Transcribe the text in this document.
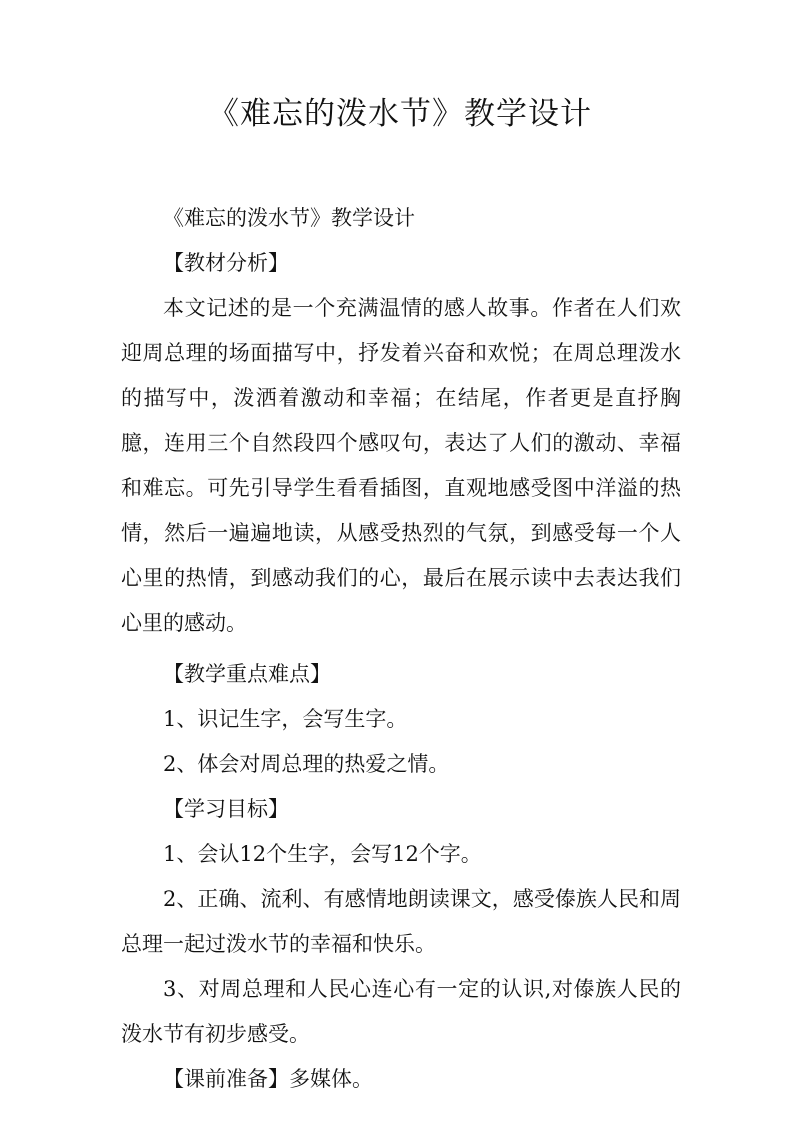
《难忘的泼水节》教学设计

《难忘的泼水节》教学设计

【教材分析】

本文记述的是一个充满温情的感人故事。作者在人们欢迎周总理的场面描写中，抒发着兴奋和欢悦；在周总理泼水的描写中，泼洒着激动和幸福；在结尾，作者更是直抒胸臆，连用三个自然段四个感叹句，表达了人们的激动、幸福和难忘。可先引导学生看看插图，直观地感受图中洋溢的热情，然后一遍遍地读，从感受热烈的气氛，到感受每一个人心里的热情，到感动我们的心，最后在展示读中去表达我们心里的感动。

【教学重点难点】

1、识记生字，会写生字。

2、体会对周总理的热爱之情。

【学习目标】

1、会认12个生字，会写12个字。

2、正确、流利、有感情地朗读课文，感受傣族人民和周总理一起过泼水节的幸福和快乐。

3、对周总理和人民心连心有一定的认识,对傣族人民的泼水节有初步感受。

【课前准备】多媒体。
